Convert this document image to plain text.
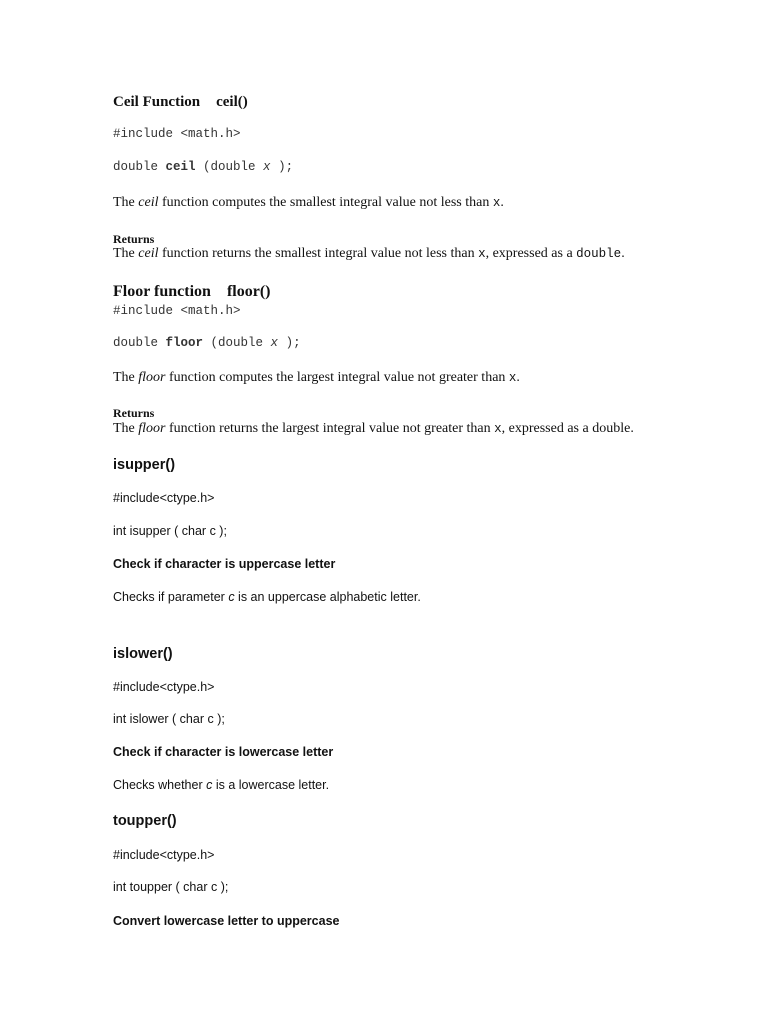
Ceil Function ceil()
#include <math.h>
double ceil (double x );
The ceil function computes the smallest integral value not less than x.
Returns
The ceil function returns the smallest integral value not less than x, expressed as a double.
Floor function floor()
#include <math.h>
double floor (double x );
The floor function computes the largest integral value not greater than x.
Returns
The floor function returns the largest integral value not greater than x, expressed as a double.
isupper()
#include<ctype.h>
int isupper ( char c );
Check if character is uppercase letter
Checks if parameter c is an uppercase alphabetic letter.
islower()
#include<ctype.h>
int islower ( char c );
Check if character is lowercase letter
Checks whether c is a lowercase letter.
toupper()
#include<ctype.h>
int toupper ( char c );
Convert lowercase letter to uppercase
